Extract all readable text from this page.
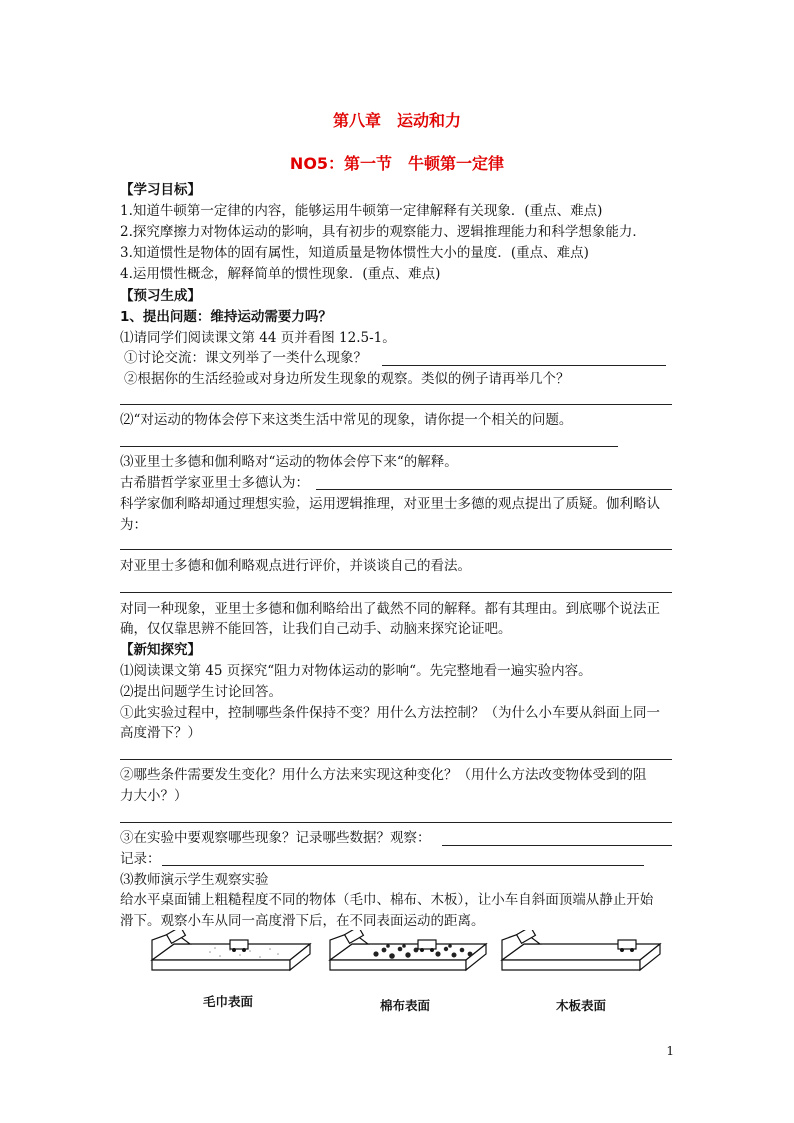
第八章　运动和力
NO5：第一节　牛顿第一定律
【学习目标】
1.知道牛顿第一定律的内容，能够运用牛顿第一定律解释有关现象．(重点、难点)
2.探究摩擦力对物体运动的影响，具有初步的观察能力、逻辑推理能力和科学想象能力．
3.知道惯性是物体的固有属性，知道质量是物体惯性大小的量度．(重点、难点)
4.运用惯性概念，解释简单的惯性现象．(重点、难点)
【预习生成】
1、提出问题：维持运动需要力吗？
⑴请同学们阅读课文第 44 页并看图 12.5-1。
①讨论交流：课文列举了一类什么现象？
②根据你的生活经验或对身边所发生现象的观察。类似的例子请再举几个？
⑵“对运动的物体会停下来这类生活中常见的现象，请你提一个相关的问题。
⑶亚里士多德和伽利略对“运动的物体会停下来“的解释。
古希腊哲学家亚里士多德认为：
科学家伽利略却通过理想实验，运用逻辑推理，对亚里士多德的观点提出了质疑。伽利略认
为：
对亚里士多德和伽利略观点进行评价，并谈谈自己的看法。
对同一种现象，亚里士多德和伽利略给出了截然不同的解释。都有其理由。到底哪个说法正
确，仅仅靠思辨不能回答，让我们自己动手、动脑来探究论证吧。
【新知探究】
⑴阅读课文第 45 页探究“阻力对物体运动的影响“。先完整地看一遍实验内容。
⑵提出问题学生讨论回答。
①此实验过程中，控制哪些条件保持不变？用什么方法控制？（为什么小车要从斜面上同一
高度滑下？）
②哪些条件需要发生变化？用什么方法来实现这种变化？（用什么方法改变物体受到的阻
力大小？）
③在实验中要观察哪些现象？记录哪些数据？观察：
记录：
⑶教师演示学生观察实验
给水平桌面铺上粗糙程度不同的物体（毛巾、棉布、木板），让小车自斜面顶端从静止开始
滑下。观察小车从同一高度滑下后，在不同表面运动的距离。
毛巾表面	棉布表面	木板表面
1
